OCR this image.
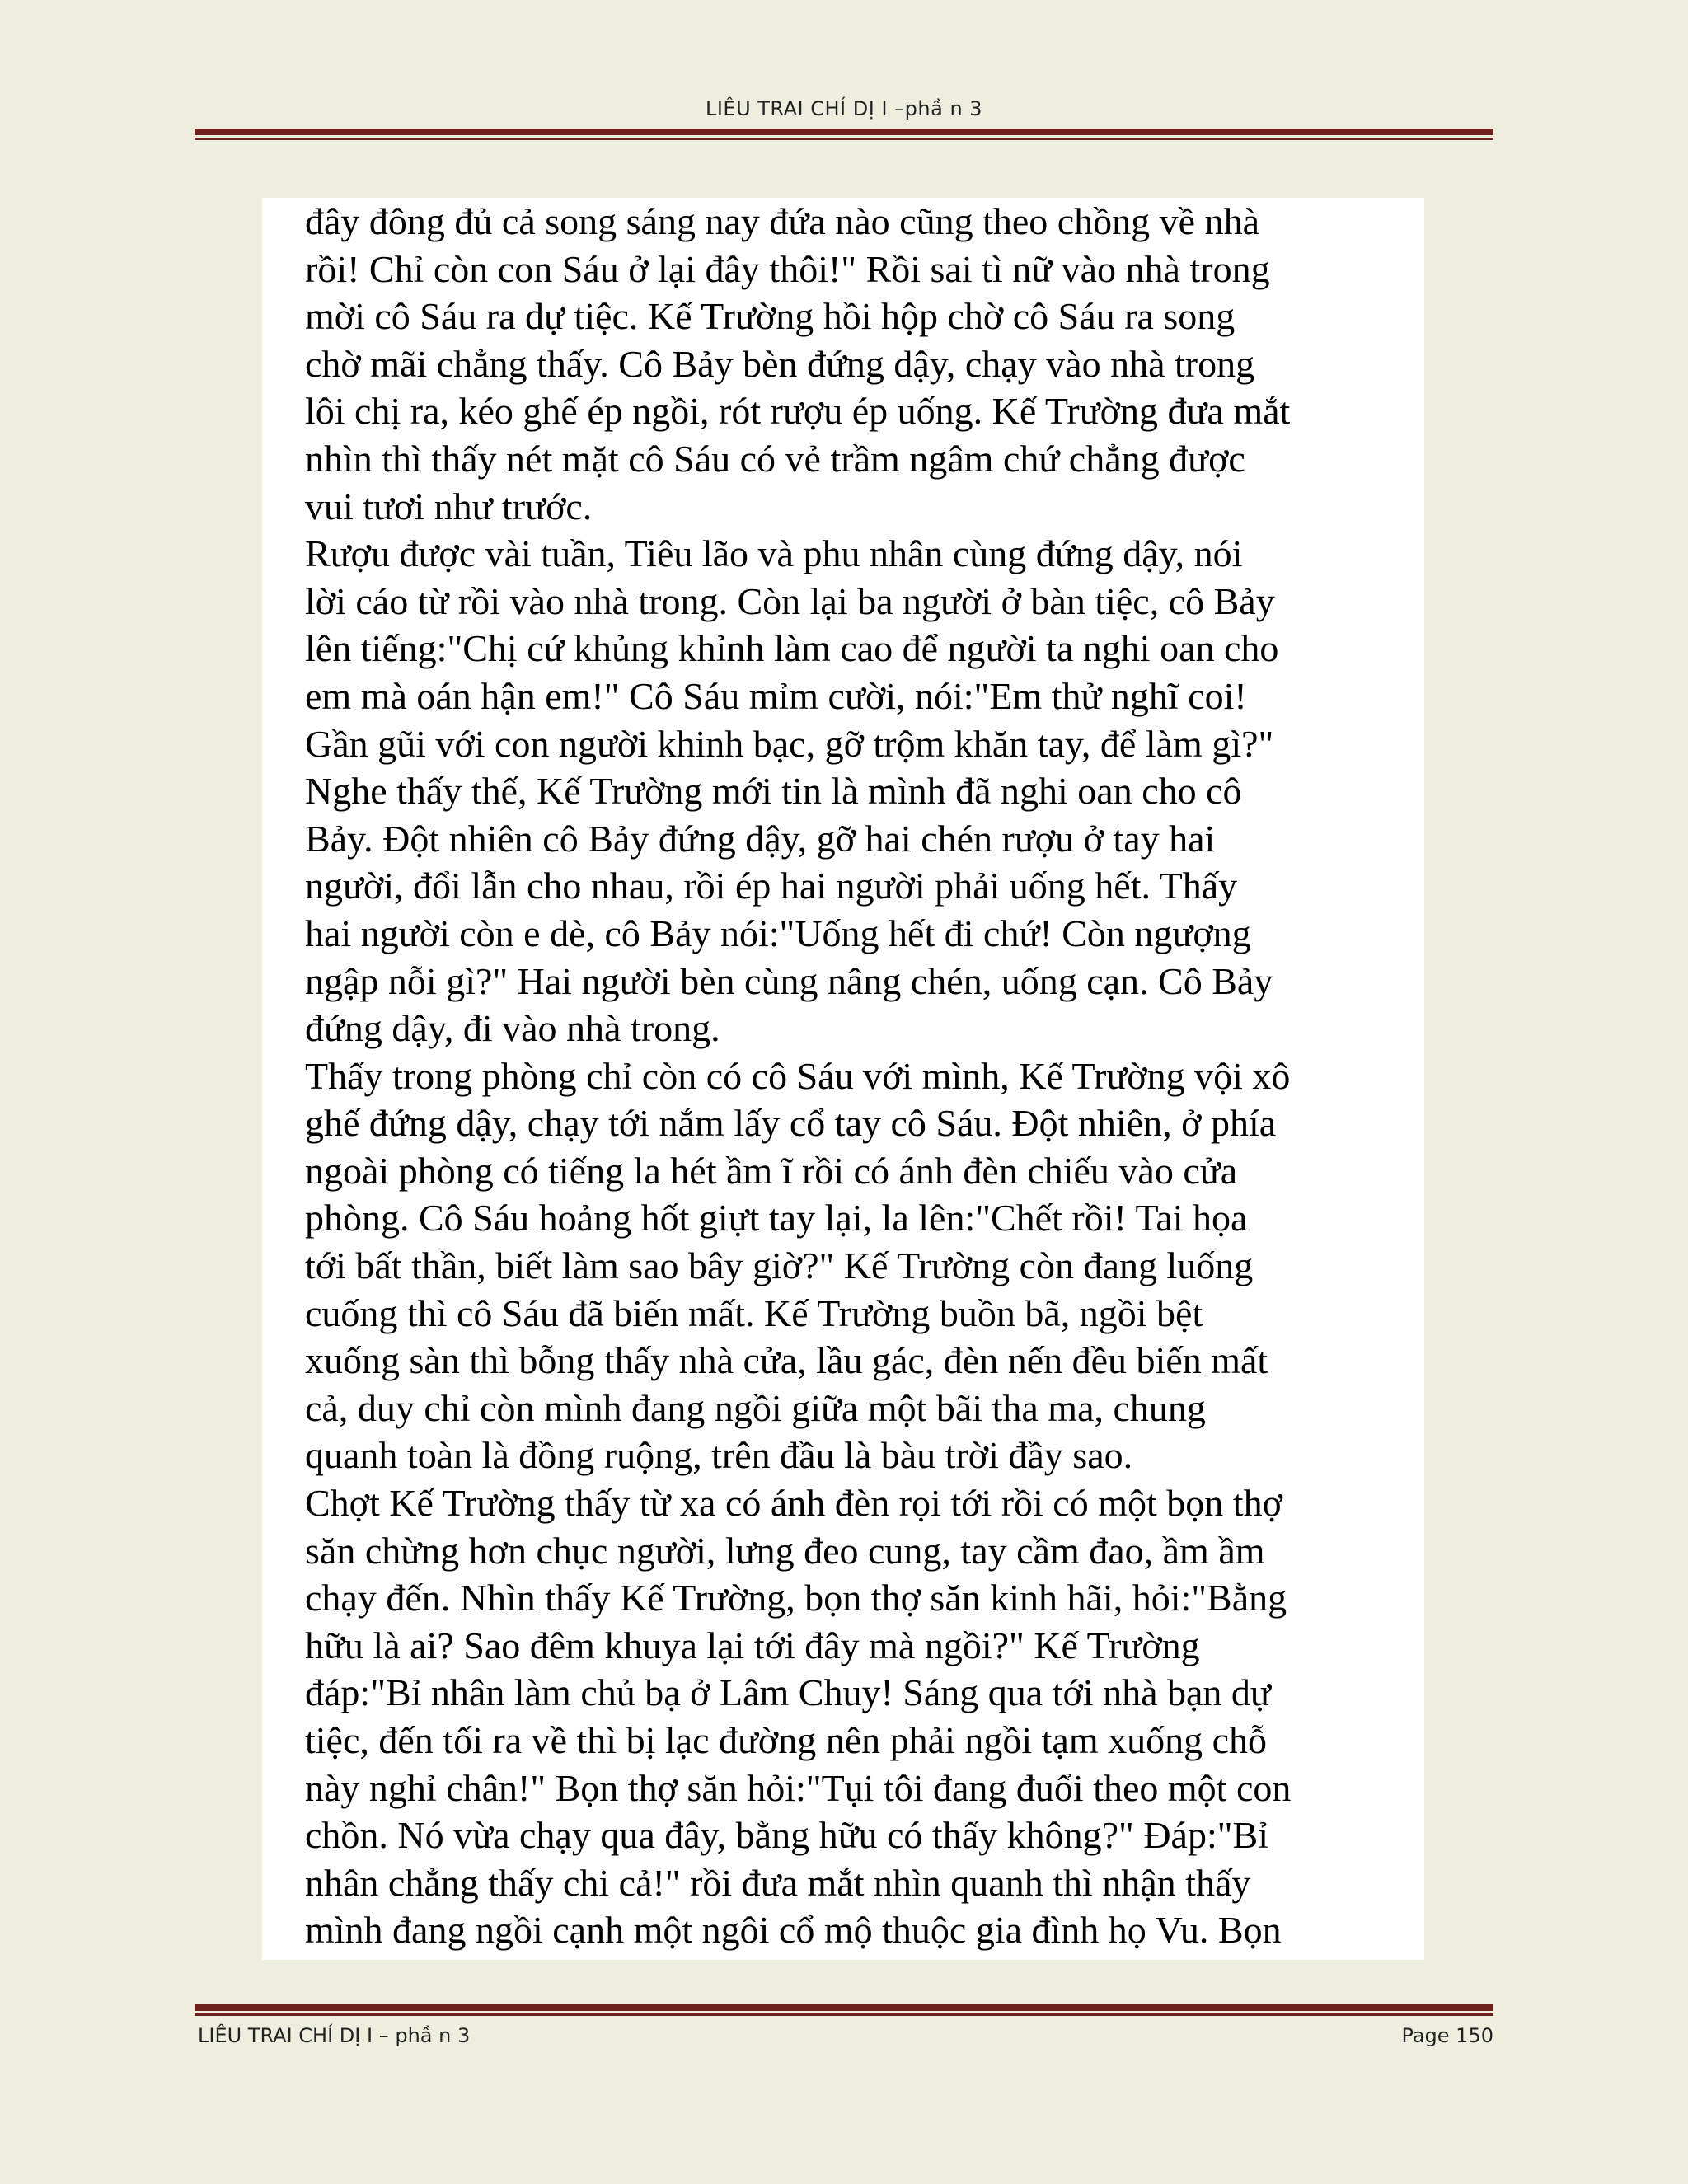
LIÊU TRAI CHÍ DỊ I –phầ n 3
đây đông đủ cả song sáng nay đứa nào cũng theo chồng về nhà
rồi! Chỉ còn con Sáu ở lại đây thôi!" Rồi sai tì nữ vào nhà trong
mời cô Sáu ra dự tiệc. Kế Trường hồi hộp chờ cô Sáu ra song
chờ mãi chẳng thấy. Cô Bảy bèn đứng dậy, chạy vào nhà trong
lôi chị ra, kéo ghế ép ngồi, rót rượu ép uống. Kế Trường đưa mắt
nhìn thì thấy nét mặt cô Sáu có vẻ trầm ngâm chứ chẳng được
vui tươi như trước.
Rượu được vài tuần, Tiêu lão và phu nhân cùng đứng dậy, nói
lời cáo từ rồi vào nhà trong. Còn lại ba người ở bàn tiệc, cô Bảy
lên tiếng:"Chị cứ khủng khỉnh làm cao để người ta nghi oan cho
em mà oán hận em!" Cô Sáu mỉm cười, nói:"Em thử nghĩ coi!
Gần gũi với con người khinh bạc, gỡ trộm khăn tay, để làm gì?"
Nghe thấy thế, Kế Trường mới tin là mình đã nghi oan cho cô
Bảy. Đột nhiên cô Bảy đứng dậy, gỡ hai chén rượu ở tay hai
người, đổi lẫn cho nhau, rồi ép hai người phải uống hết. Thấy
hai người còn e dè, cô Bảy nói:"Uống hết đi chứ! Còn ngượng
ngập nỗi gì?" Hai người bèn cùng nâng chén, uống cạn. Cô Bảy
đứng dậy, đi vào nhà trong.
Thấy trong phòng chỉ còn có cô Sáu với mình, Kế Trường vội xô
ghế đứng dậy, chạy tới nắm lấy cổ tay cô Sáu. Đột nhiên, ở phía
ngoài phòng có tiếng la hét ầm ĩ rồi có ánh đèn chiếu vào cửa
phòng. Cô Sáu hoảng hốt giựt tay lại, la lên:"Chết rồi! Tai họa
tới bất thần, biết làm sao bây giờ?" Kế Trường còn đang luống
cuống thì cô Sáu đã biến mất. Kế Trường buồn bã, ngồi bệt
xuống sàn thì bỗng thấy nhà cửa, lầu gác, đèn nến đều biến mất
cả, duy chỉ còn mình đang ngồi giữa một bãi tha ma, chung
quanh toàn là đồng ruộng, trên đầu là bàu trời đầy sao.
Chợt Kế Trường thấy từ xa có ánh đèn rọi tới rồi có một bọn thợ
săn chừng hơn chục người, lưng đeo cung, tay cầm đao, ầm ầm
chạy đến. Nhìn thấy Kế Trường, bọn thợ săn kinh hãi, hỏi:"Bằng
hữu là ai? Sao đêm khuya lại tới đây mà ngồi?" Kế Trường
đáp:"Bỉ nhân làm chủ bạ ở Lâm Chuy! Sáng qua tới nhà bạn dự
tiệc, đến tối ra về thì bị lạc đường nên phải ngồi tạm xuống chỗ
này nghỉ chân!" Bọn thợ săn hỏi:"Tụi tôi đang đuổi theo một con
chồn. Nó vừa chạy qua đây, bằng hữu có thấy không?" Đáp:"Bỉ
nhân chẳng thấy chi cả!" rồi đưa mắt nhìn quanh thì nhận thấy
mình đang ngồi cạnh một ngôi cổ mộ thuộc gia đình họ Vu. Bọn
LIÊU TRAI CHÍ DỊ I – phầ n 3	Page 150
